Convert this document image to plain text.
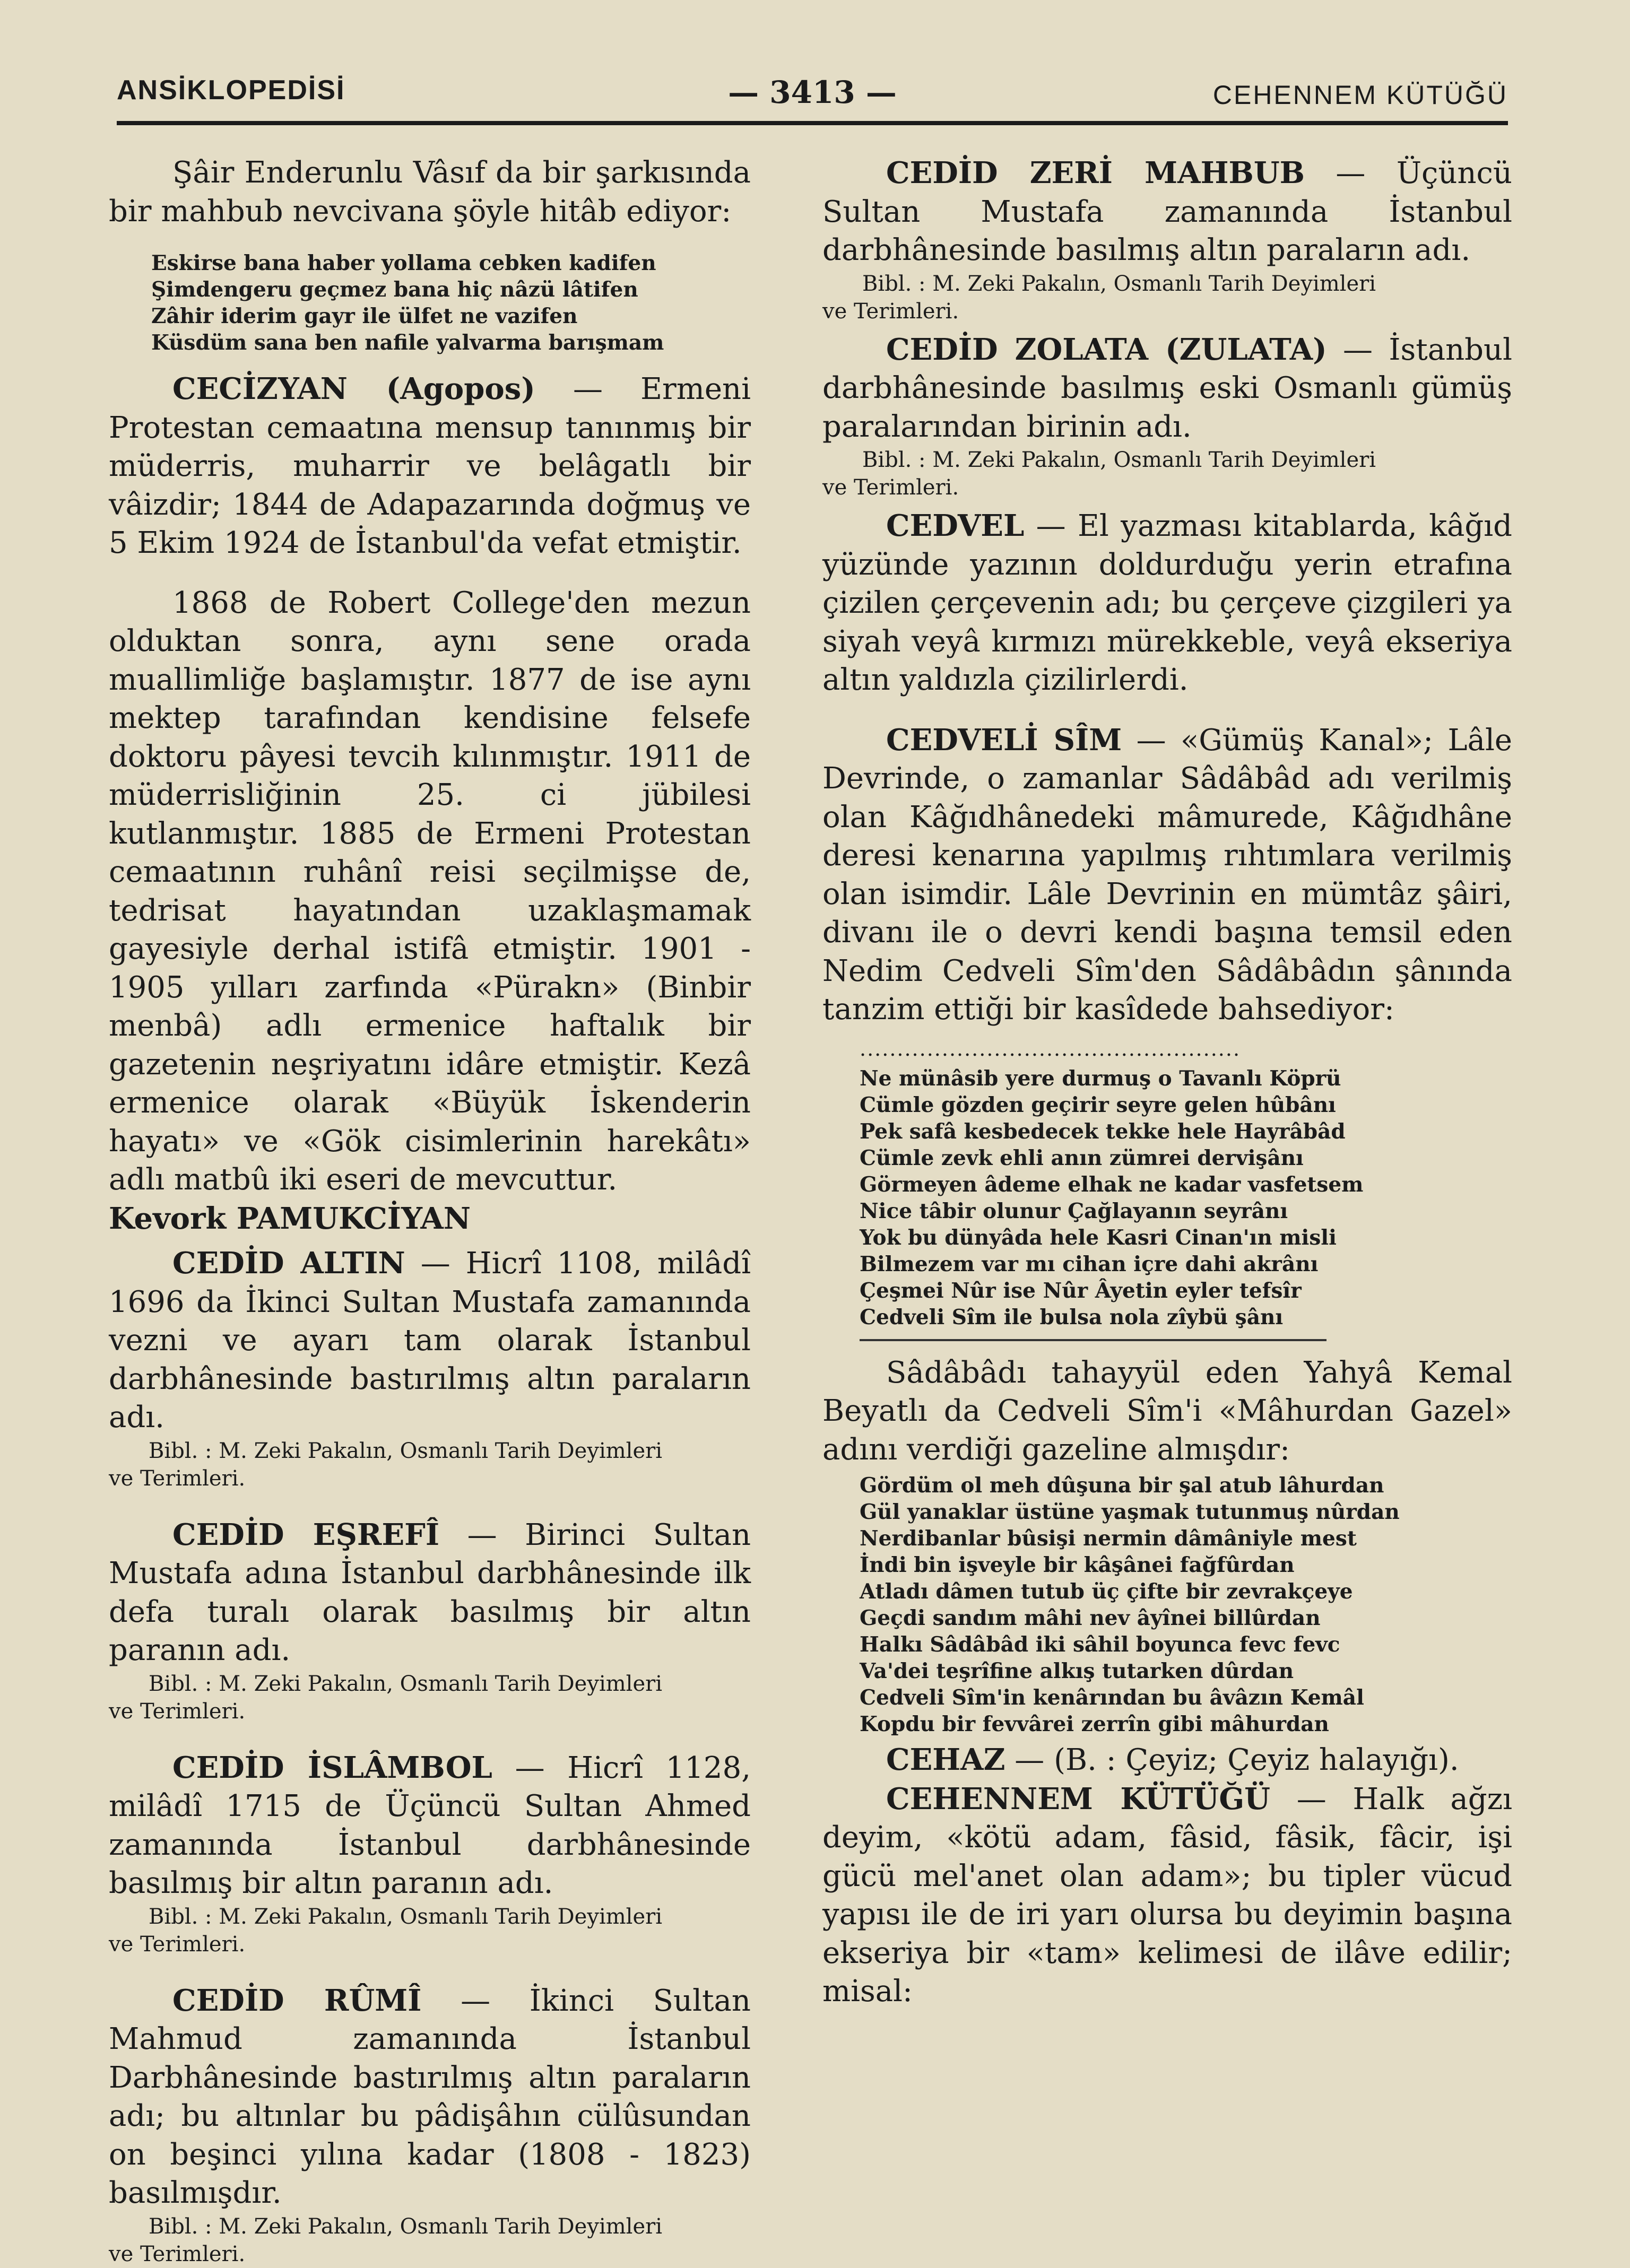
ANSİKLOPEDİSİ	— 3413 —	CEHENNEM KÜTÜĞÜ

Şâir Enderunlu Vâsıf da bir şarkısında bir mahbub nevcivana şöyle hitâb ediyor:

Eskirse bana haber yollama cebken kadifen
Şimdengeru geçmez bana hiç nâzü lâtifen
Zâhir iderim gayr ile ülfet ne vazifen
Küsdüm sana ben nafile yalvarma barışmam

CECİZYAN (Agopos) — Ermeni Protestan cemaatına mensup tanınmış bir müderris, muharrir ve belâgatlı bir vâizdir; 1844 de Adapazarında doğmuş ve 5 Ekim 1924 de İstanbul'da vefat etmiştir.

1868 de Robert College'den mezun olduktan sonra, aynı sene orada muallimliğe başlamıştır. 1877 de ise aynı mektep tarafından kendisine felsefe doktoru pâyesi tevcih kılınmıştır. 1911 de müderrisliğinin 25. ci jübilesi kutlanmıştır. 1885 de Ermeni Protestan cemaatının ruhânî reisi seçilmişse de, tedrisat hayatından uzaklaşmamak gayesiyle derhal istifâ etmiştir. 1901 - 1905 yılları zarfında «Pürakn» (Binbir menbâ) adlı ermenice haftalık bir gazetenin neşriyatını idâre etmiştir. Kezâ ermenice olarak «Büyük İskenderin hayatı» ve «Gök cisimlerinin harekâtı» adlı matbû iki eseri de mevcuttur.

Kevork PAMUKCİYAN

CEDİD ALTIN — Hicrî 1108, milâdî 1696 da İkinci Sultan Mustafa zamanında vezni ve ayarı tam olarak İstanbul darbhânesinde bastırılmış altın paraların adı.

Bibl. : M. Zeki Pakalın, Osmanlı Tarih Deyimleri
ve Terimleri.

CEDİD EŞREFÎ — Birinci Sultan Mustafa adına İstanbul darbhânesinde ilk defa turalı olarak basılmış bir altın paranın adı.

Bibl. : M. Zeki Pakalın, Osmanlı Tarih Deyimleri
ve Terimleri.

CEDİD İSLÂMBOL — Hicrî 1128, milâdî 1715 de Üçüncü Sultan Ahmed zamanında İstanbul darbhânesinde basılmış bir altın paranın adı.

Bibl. : M. Zeki Pakalın, Osmanlı Tarih Deyimleri
ve Terimleri.

CEDİD RÛMÎ — İkinci Sultan Mahmud zamanında İstanbul Darbhânesinde bastırılmış altın paraların adı; bu altınlar bu pâdişâhın cülûsundan on beşinci yılına kadar (1808 - 1823) basılmışdır.

Bibl. : M. Zeki Pakalın, Osmanlı Tarih Deyimleri
ve Terimleri.

CEDİD ZERİ MAHBUB — Üçüncü Sultan Mustafa zamanında İstanbul darbhânesinde basılmış altın paraların adı.

Bibl. : M. Zeki Pakalın, Osmanlı Tarih Deyimleri
ve Terimleri.

CEDİD ZOLATA (ZULATA) — İstanbul darbhânesinde basılmış eski Osmanlı gümüş paralarından birinin adı.

Bibl. : M. Zeki Pakalın, Osmanlı Tarih Deyimleri
ve Terimleri.

CEDVEL — El yazması kitablarda, kâğıd yüzünde yazının doldurduğu yerin etrafına çizilen çerçevenin adı; bu çerçeve çizgileri ya siyah veyâ kırmızı mürekkeble, veyâ ekseriya altın yaldızla çizilirlerdi.

CEDVELİ SÎM — «Gümüş Kanal»; Lâle Devrinde, o zamanlar Sâdâbâd adı verilmiş olan Kâğıdhânedeki mâmurede, Kâğıdhâne deresi kenarına yapılmış rıhtımlara verilmiş olan isimdir. Lâle Devrinin en mümtâz şâiri, divanı ile o devri kendi başına temsil eden Nedim Cedveli Sîm'den Sâdâbâdın şânında tanzim ettiği bir kasîdede bahsediyor:

...................................................
Ne münâsib yere durmuş o Tavanlı Köprü
Cümle gözden geçirir seyre gelen hûbânı
Pek safâ kesbedecek tekke hele Hayrâbâd
Cümle zevk ehli anın zümrei dervişânı
Görmeyen âdeme elhak ne kadar vasfetsem
Nice tâbir olunur Çağlayanın seyrânı
Yok bu dünyâda hele Kasri Cinan'ın misli
Bilmezem var mı cihan içre dahi akrânı
Çeşmei Nûr ise Nûr Âyetin eyler tefsîr
Cedveli Sîm ile bulsa nola zîybü şânı

Sâdâbâdı tahayyül eden Yahyâ Kemal Beyatlı da Cedveli Sîm'i «Mâhurdan Gazel» adını verdiği gazeline almışdır:

Gördüm ol meh dûşuna bir şal atub lâhurdan
Gül yanaklar üstüne yaşmak tutunmuş nûrdan
Nerdibanlar bûsişi nermin dâmâniyle mest
İndi bin işveyle bir kâşânei fağfûrdan
Atladı dâmen tutub üç çifte bir zevrakçeye
Geçdi sandım mâhi nev âyînei billûrdan
Halkı Sâdâbâd iki sâhil boyunca fevc fevc
Va'dei teşrîfine alkış tutarken dûrdan
Cedveli Sîm'in kenârından bu âvâzın Kemâl
Kopdu bir fevvârei zerrîn gibi mâhurdan

CEHAZ — (B. : Çeyiz; Çeyiz halayığı).

CEHENNEM KÜTÜĞÜ — Halk ağzı deyim, «kötü adam, fâsid, fâsik, fâcir, işi gücü mel'anet olan adam»; bu tipler vücud yapısı ile de iri yarı olursa bu deyimin başına ekseriya bir «tam» kelimesi de ilâve edilir; misal:
